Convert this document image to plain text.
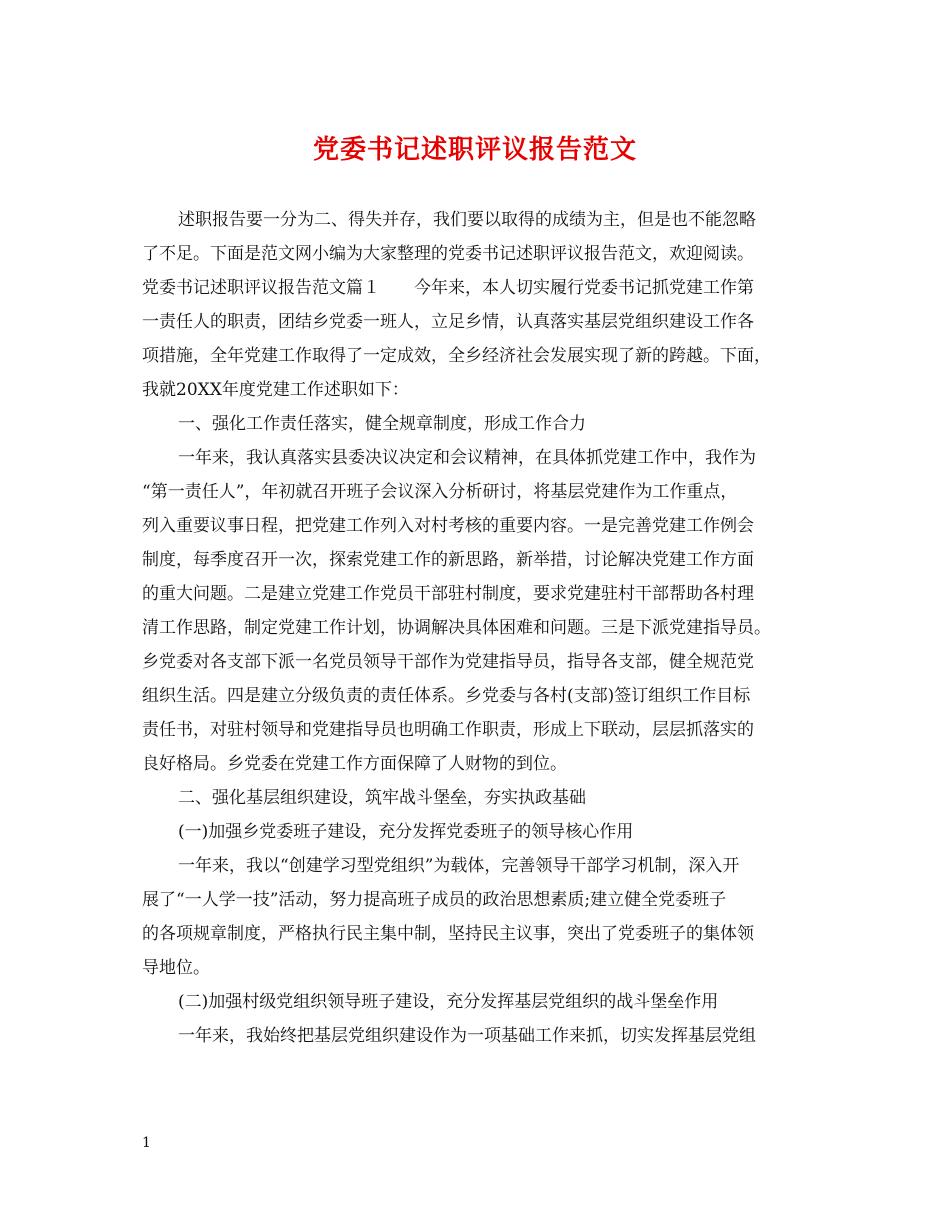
党委书记述职评议报告范文
述职报告要一分为二、得失并存，我们要以取得的成绩为主，但是也不能忽略
了不足。下面是范文网小编为大家整理的党委书记述职评议报告范文，欢迎阅读。
党委书记述职评议报告范文篇１　　今年来，本人切实履行党委书记抓党建工作第
一责任人的职责，团结乡党委一班人，立足乡情，认真落实基层党组织建设工作各
项措施，全年党建工作取得了一定成效，全乡经济社会发展实现了新的跨越。下面，
我就20XX年度党建工作述职如下：
一、强化工作责任落实，健全规章制度，形成工作合力
一年来，我认真落实县委决议决定和会议精神，在具体抓党建工作中，我作为
“第一责任人”，年初就召开班子会议深入分析研讨，将基层党建作为工作重点，
列入重要议事日程，把党建工作列入对村考核的重要内容。一是完善党建工作例会
制度，每季度召开一次，探索党建工作的新思路，新举措，讨论解决党建工作方面
的重大问题。二是建立党建工作党员干部驻村制度，要求党建驻村干部帮助各村理
清工作思路，制定党建工作计划，协调解决具体困难和问题。三是下派党建指导员。
乡党委对各支部下派一名党员领导干部作为党建指导员，指导各支部，健全规范党
组织生活。四是建立分级负责的责任体系。乡党委与各村(支部)签订组织工作目标
责任书，对驻村领导和党建指导员也明确工作职责，形成上下联动，层层抓落实的
良好格局。乡党委在党建工作方面保障了人财物的到位。
二、强化基层组织建设，筑牢战斗堡垒，夯实执政基础
(一)加强乡党委班子建设，充分发挥党委班子的领导核心作用
一年来，我以“创建学习型党组织”为载体，完善领导干部学习机制，深入开
展了“一人学一技”活动，努力提高班子成员的政治思想素质;建立健全党委班子
的各项规章制度，严格执行民主集中制，坚持民主议事，突出了党委班子的集体领
导地位。
(二)加强村级党组织领导班子建设，充分发挥基层党组织的战斗堡垒作用
一年来，我始终把基层党组织建设作为一项基础工作来抓，切实发挥基层党组
1
